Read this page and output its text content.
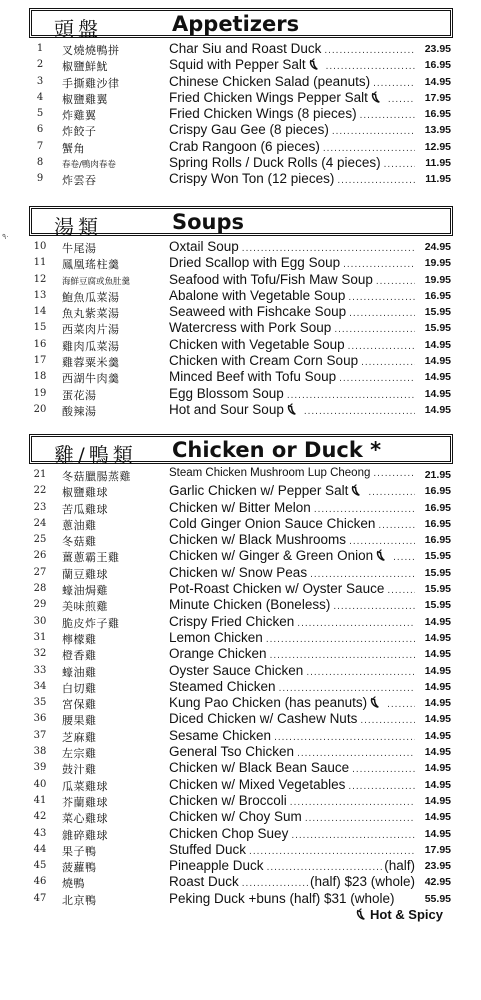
頭盤	Appetizers
1	叉燒燒鴨拼	Char Siu and Roast Duck .....	23.95
2	椒鹽鮮魷	Squid with Pepper Salt .....	16.95
3	手撕雞沙律	Chinese Chicken Salad (peanuts) .....	14.95
4	椒鹽雞翼	Fried Chicken Wings Pepper Salt .....	17.95
5	炸雞翼	Fried Chicken Wings (8 pieces) .....	16.95
6	炸餃子	Crispy Gau Gee (8 pieces) .....	13.95
7	蟹角	Crab Rangoon (6 pieces) .....	12.95
8	春卷/鴨肉春卷	Spring Rolls / Duck Rolls (4 pieces) .....	11.95
9	炸雲吞	Crispy Won Ton (12 pieces) .....	11.95
٩· 湯類	Soups
10	牛尾湯	Oxtail Soup .....	24.95
11	鳳凰瑤柱羹	Dried Scallop with Egg Soup .....	19.95
12	海鮮豆腐或魚肚羹	Seafood with Tofu/Fish Maw Soup .....	19.95
13	鮑魚瓜菜湯	Abalone with Vegetable Soup .....	16.95
14	魚丸紫菜湯	Seaweed with Fishcake Soup .....	15.95
15	西菜肉片湯	Watercress with Pork Soup .....	15.95
16	雞肉瓜菜湯	Chicken with Vegetable Soup .....	14.95
17	雞蓉粟米羹	Chicken with Cream Corn Soup .....	14.95
18	西湖牛肉羹	Minced Beef with Tofu Soup .....	14.95
19	蛋花湯	Egg Blossom Soup .....	14.95
20	酸辣湯	Hot and Sour Soup .....	14.95
雞/鴨類 Chicken or Duck *
21	冬菇臘腸蒸雞	Steam Chicken Mushroom Lup Cheong .....	21.95
22	椒鹽雞球	Garlic Chicken w/ Pepper Salt .....	16.95
23	苦瓜雞球	Chicken w/ Bitter Melon .....	16.95
24	蔥油雞	Cold Ginger Onion Sauce Chicken .....	16.95
25	冬菇雞	Chicken w/ Black Mushrooms .....	16.95
26	薑蔥霸王雞	Chicken w/ Ginger & Green Onion .....	15.95
27	蘭豆雞球	Chicken w/ Snow Peas .....	15.95
28	蠔油焗雞	Pot-Roast Chicken w/ Oyster Sauce .....	15.95
29	美味煎雞	Minute Chicken (Boneless) .....	15.95
30	脆皮炸子雞	Crispy Fried Chicken .....	14.95
31	檸檬雞	Lemon Chicken .....	14.95
32	橙香雞	Orange Chicken .....	14.95
33	蠔油雞	Oyster Sauce Chicken .....	14.95
34	白切雞	Steamed Chicken .....	14.95
35	宮保雞	Kung Pao Chicken (has peanuts) .....	14.95
36	腰果雞	Diced Chicken w/ Cashew Nuts .....	14.95
37	芝麻雞	Sesame Chicken .....	14.95
38	左宗雞	General Tso Chicken .....	14.95
39	鼓汁雞	Chicken w/ Black Bean Sauce .....	14.95
40	瓜菜雞球	Chicken w/ Mixed Vegetables .....	14.95
41	芥蘭雞球	Chicken w/ Broccoli .....	14.95
42	菜心雞球	Chicken w/ Choy Sum .....	14.95
43	雜碎雞球	Chicken Chop Suey .....	14.95
44	果子鴨	Stuffed Duck .....	17.95
45	菠蘿鴨	Pineapple Duck .....	(half) 23.95
46	燒鴨	Roast Duck .....	(half) $23 (whole) 42.95
47	北京鴨	Peking Duck +buns (half) $31 (whole)	55.95
Hot & Spicy
